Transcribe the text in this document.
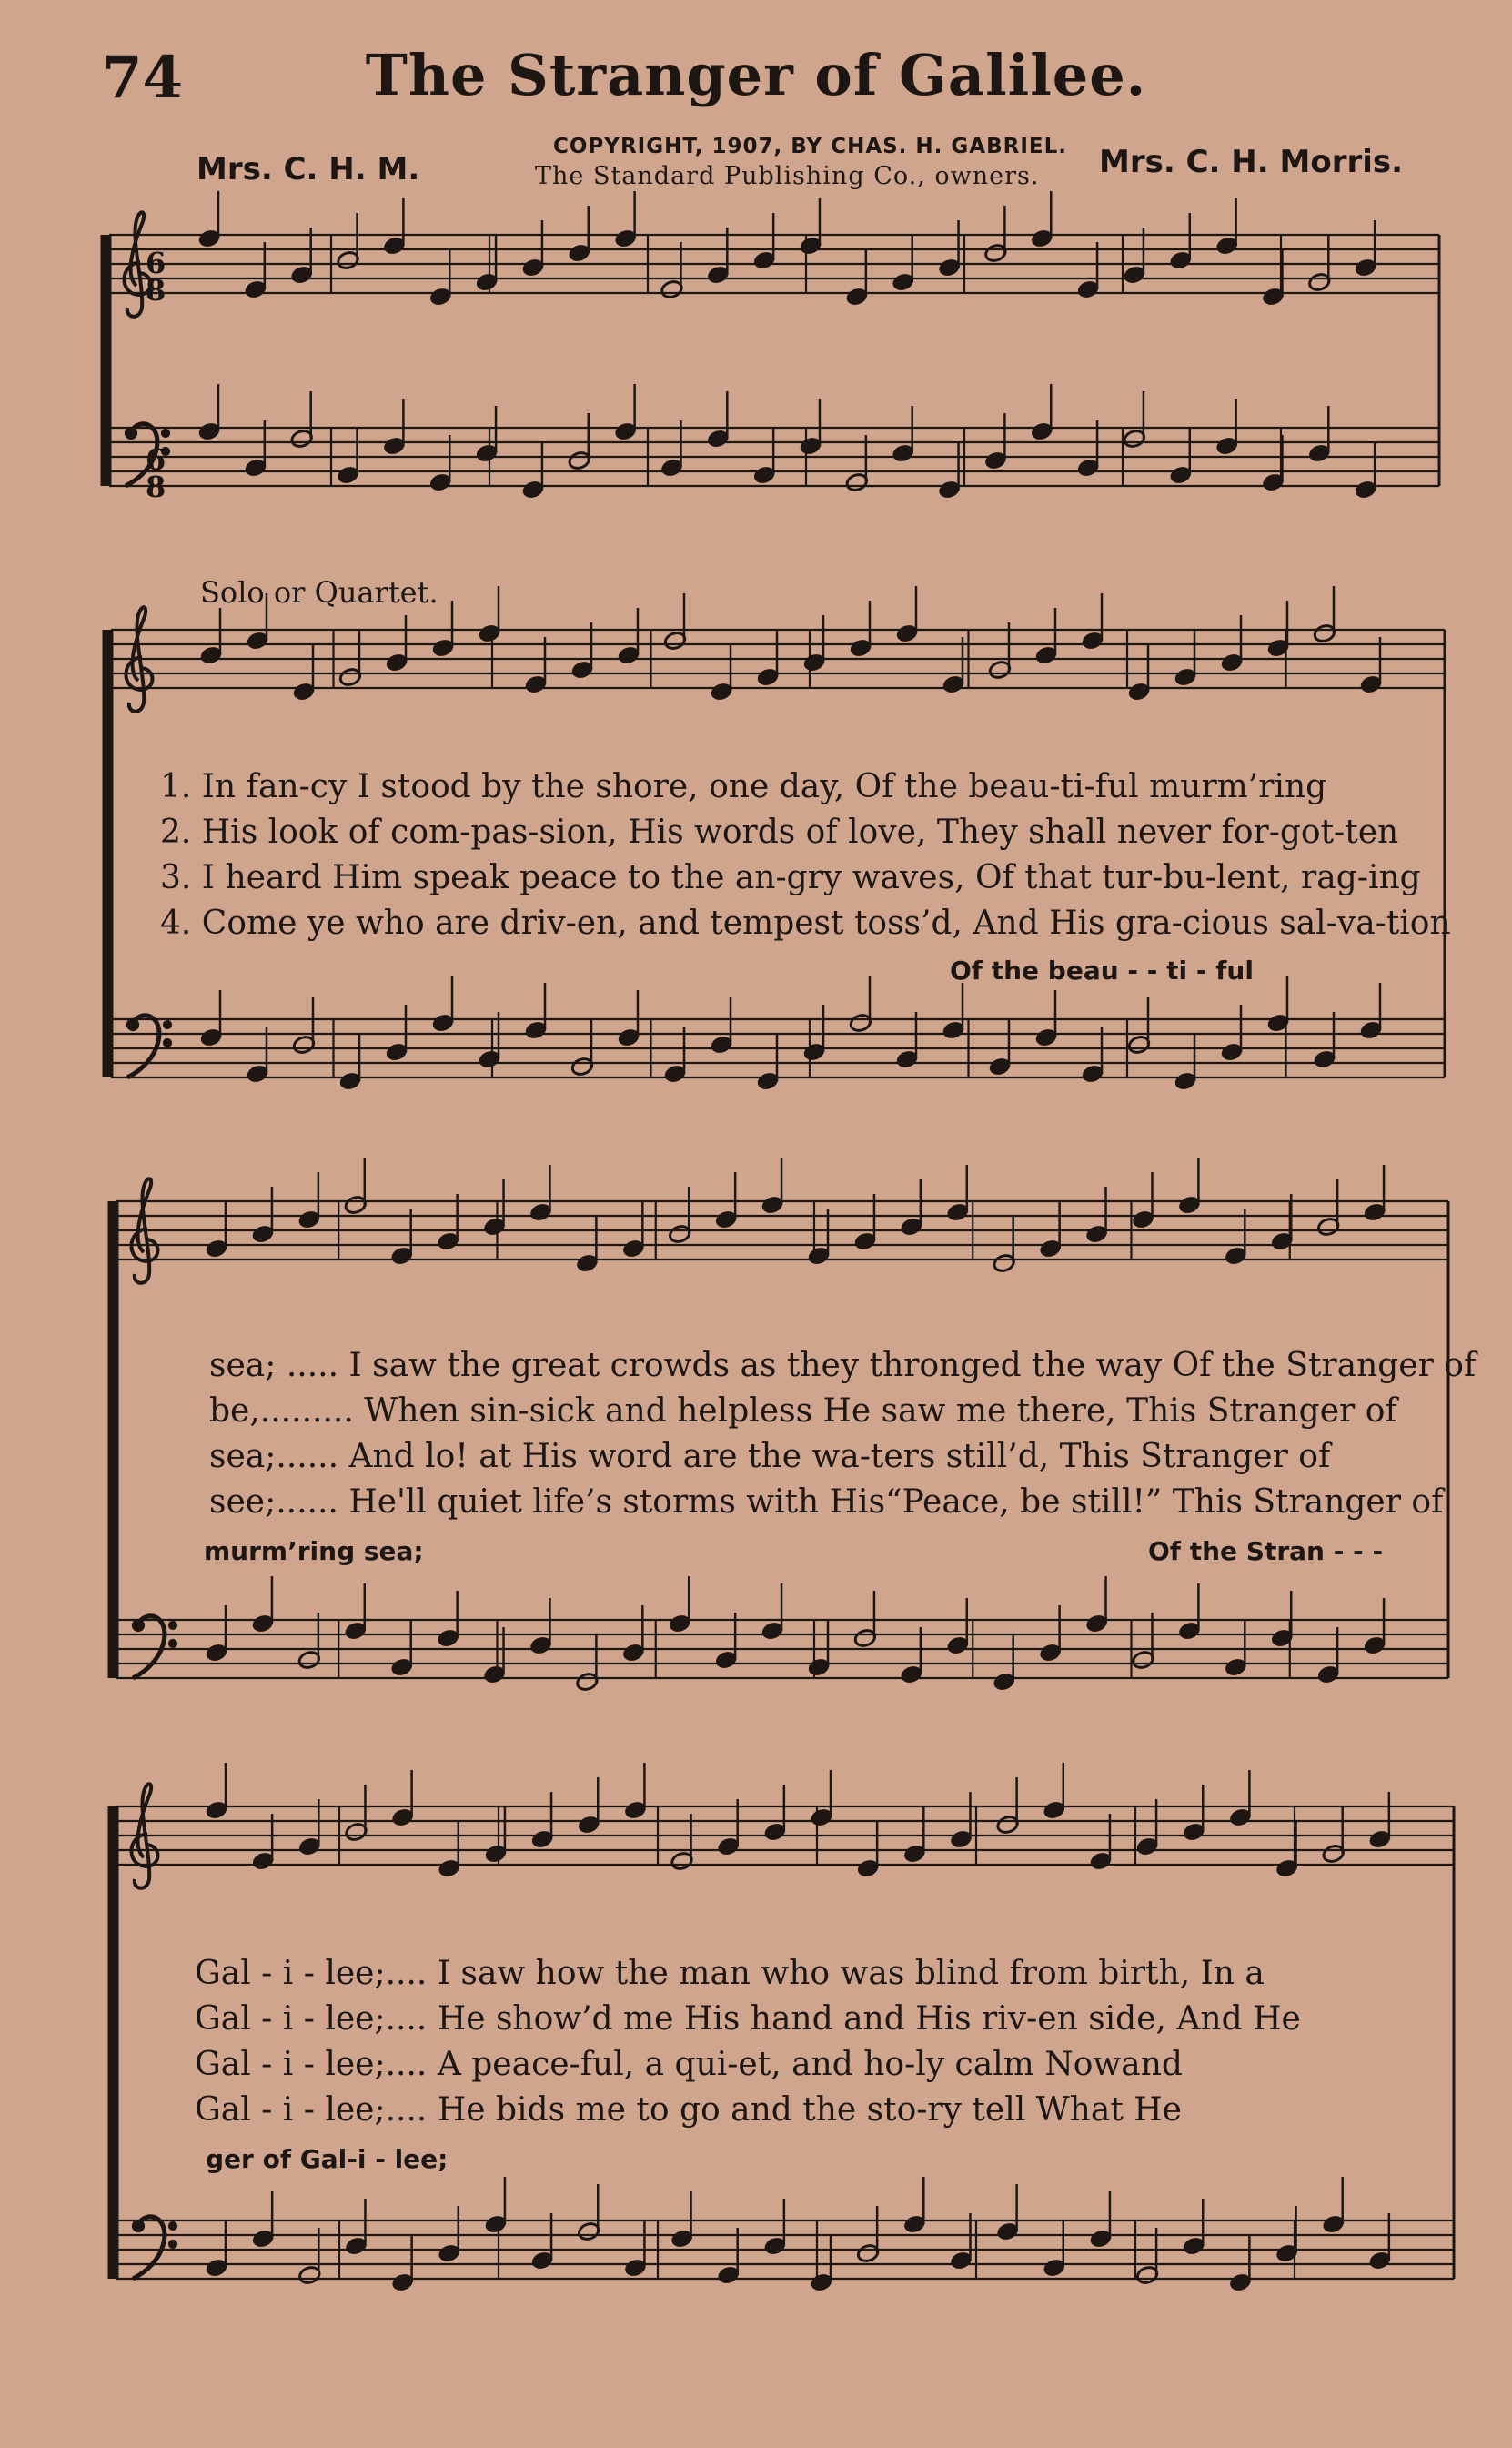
74	The Stranger of Galilee.
COPYRIGHT, 1907, BY CHAS. H. GABRIEL.
The Standard Publishing Co., owners.
Mrs. C. H. M.	Mrs. C. H. Morris.
6
8
6
8
Solo or Quartet.
1. In fan-cy I stood by the shore, one day, Of the beau-ti-ful murm’ring
2. His look of com-pas-sion, His words of love, They shall never for-got-ten
3. I heard Him speak peace to the an-gry waves, Of that tur-bu-lent, rag-ing
4. Come ye who are driv-en, and tempest toss’d, And His gra-cious sal-va-tion
Of the beau - - ti - ful
sea; ..... I saw the great crowds as they thronged the way Of the Stranger of
be,......... When sin-sick and helpless He saw me there, This Stranger of
sea;...... And lo! at His word are the wa-ters still’d, This Stranger of
see;...... He'll quiet life’s storms with His“Peace, be still!” This Stranger of
murm’ring sea;	Of the Stran - - -
Gal - i - lee;.... I saw how the man who was blind from birth, In a
Gal - i - lee;.... He show’d me His hand and His riv-en side, And He
Gal - i - lee;.... A peace-ful, a qui-et, and ho-ly calm Nowand
Gal - i - lee;.... He bids me to go and the sto-ry tell What He
ger of Gal-i - lee;
